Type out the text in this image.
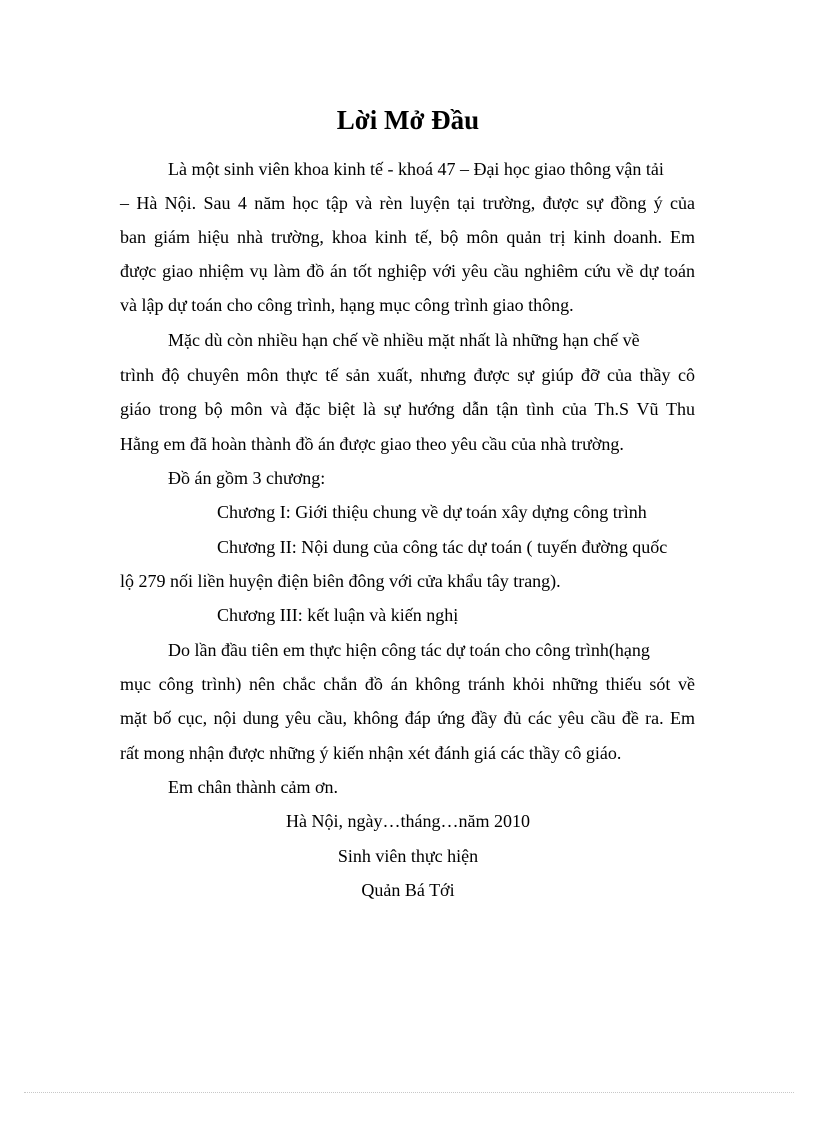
Lời Mở Đầu
Là một sinh viên khoa kinh tế - khoá 47 – Đại học giao thông vận tải
– Hà Nội. Sau 4 năm học tập và rèn luyện tại trường, được sự đồng ý của
ban giám hiệu nhà trường, khoa kinh tế, bộ môn quản trị kinh doanh. Em
được giao nhiệm vụ làm đồ án tốt nghiệp với yêu cầu nghiêm cứu về dự toán
và lập dự toán cho công trình, hạng mục công trình giao thông.
Mặc dù còn nhiều hạn chế về nhiều mặt nhất là những hạn chế về
trình độ chuyên môn thực tế sản xuất, nhưng được sự giúp đỡ của thầy cô
giáo trong bộ môn và đặc biệt là sự hướng dẫn tận tình của Th.S Vũ Thu
Hằng em đã hoàn thành đồ án được giao theo yêu cầu của nhà trường.
Đồ án gồm 3 chương:
Chương I: Giới thiệu chung về dự toán xây dựng công trình
Chương II: Nội dung của công tác dự toán ( tuyến đường quốc
lộ 279 nối liền huyện điện biên đông với cửa khẩu tây trang).
Chương III: kết luận và kiến nghị
Do lần đầu tiên em thực hiện công tác dự toán cho công trình(hạng
mục công trình) nên chắc chắn đồ án không tránh khỏi những thiếu sót về
mặt bố cục, nội dung yêu cầu, không đáp ứng đầy đủ các yêu cầu đề ra. Em
rất mong nhận được những ý kiến nhận xét đánh giá các thầy cô giáo.
Em chân thành cảm ơn.
Hà Nội, ngày…tháng…năm 2010
Sinh viên thực hiện
Quản Bá Tới
